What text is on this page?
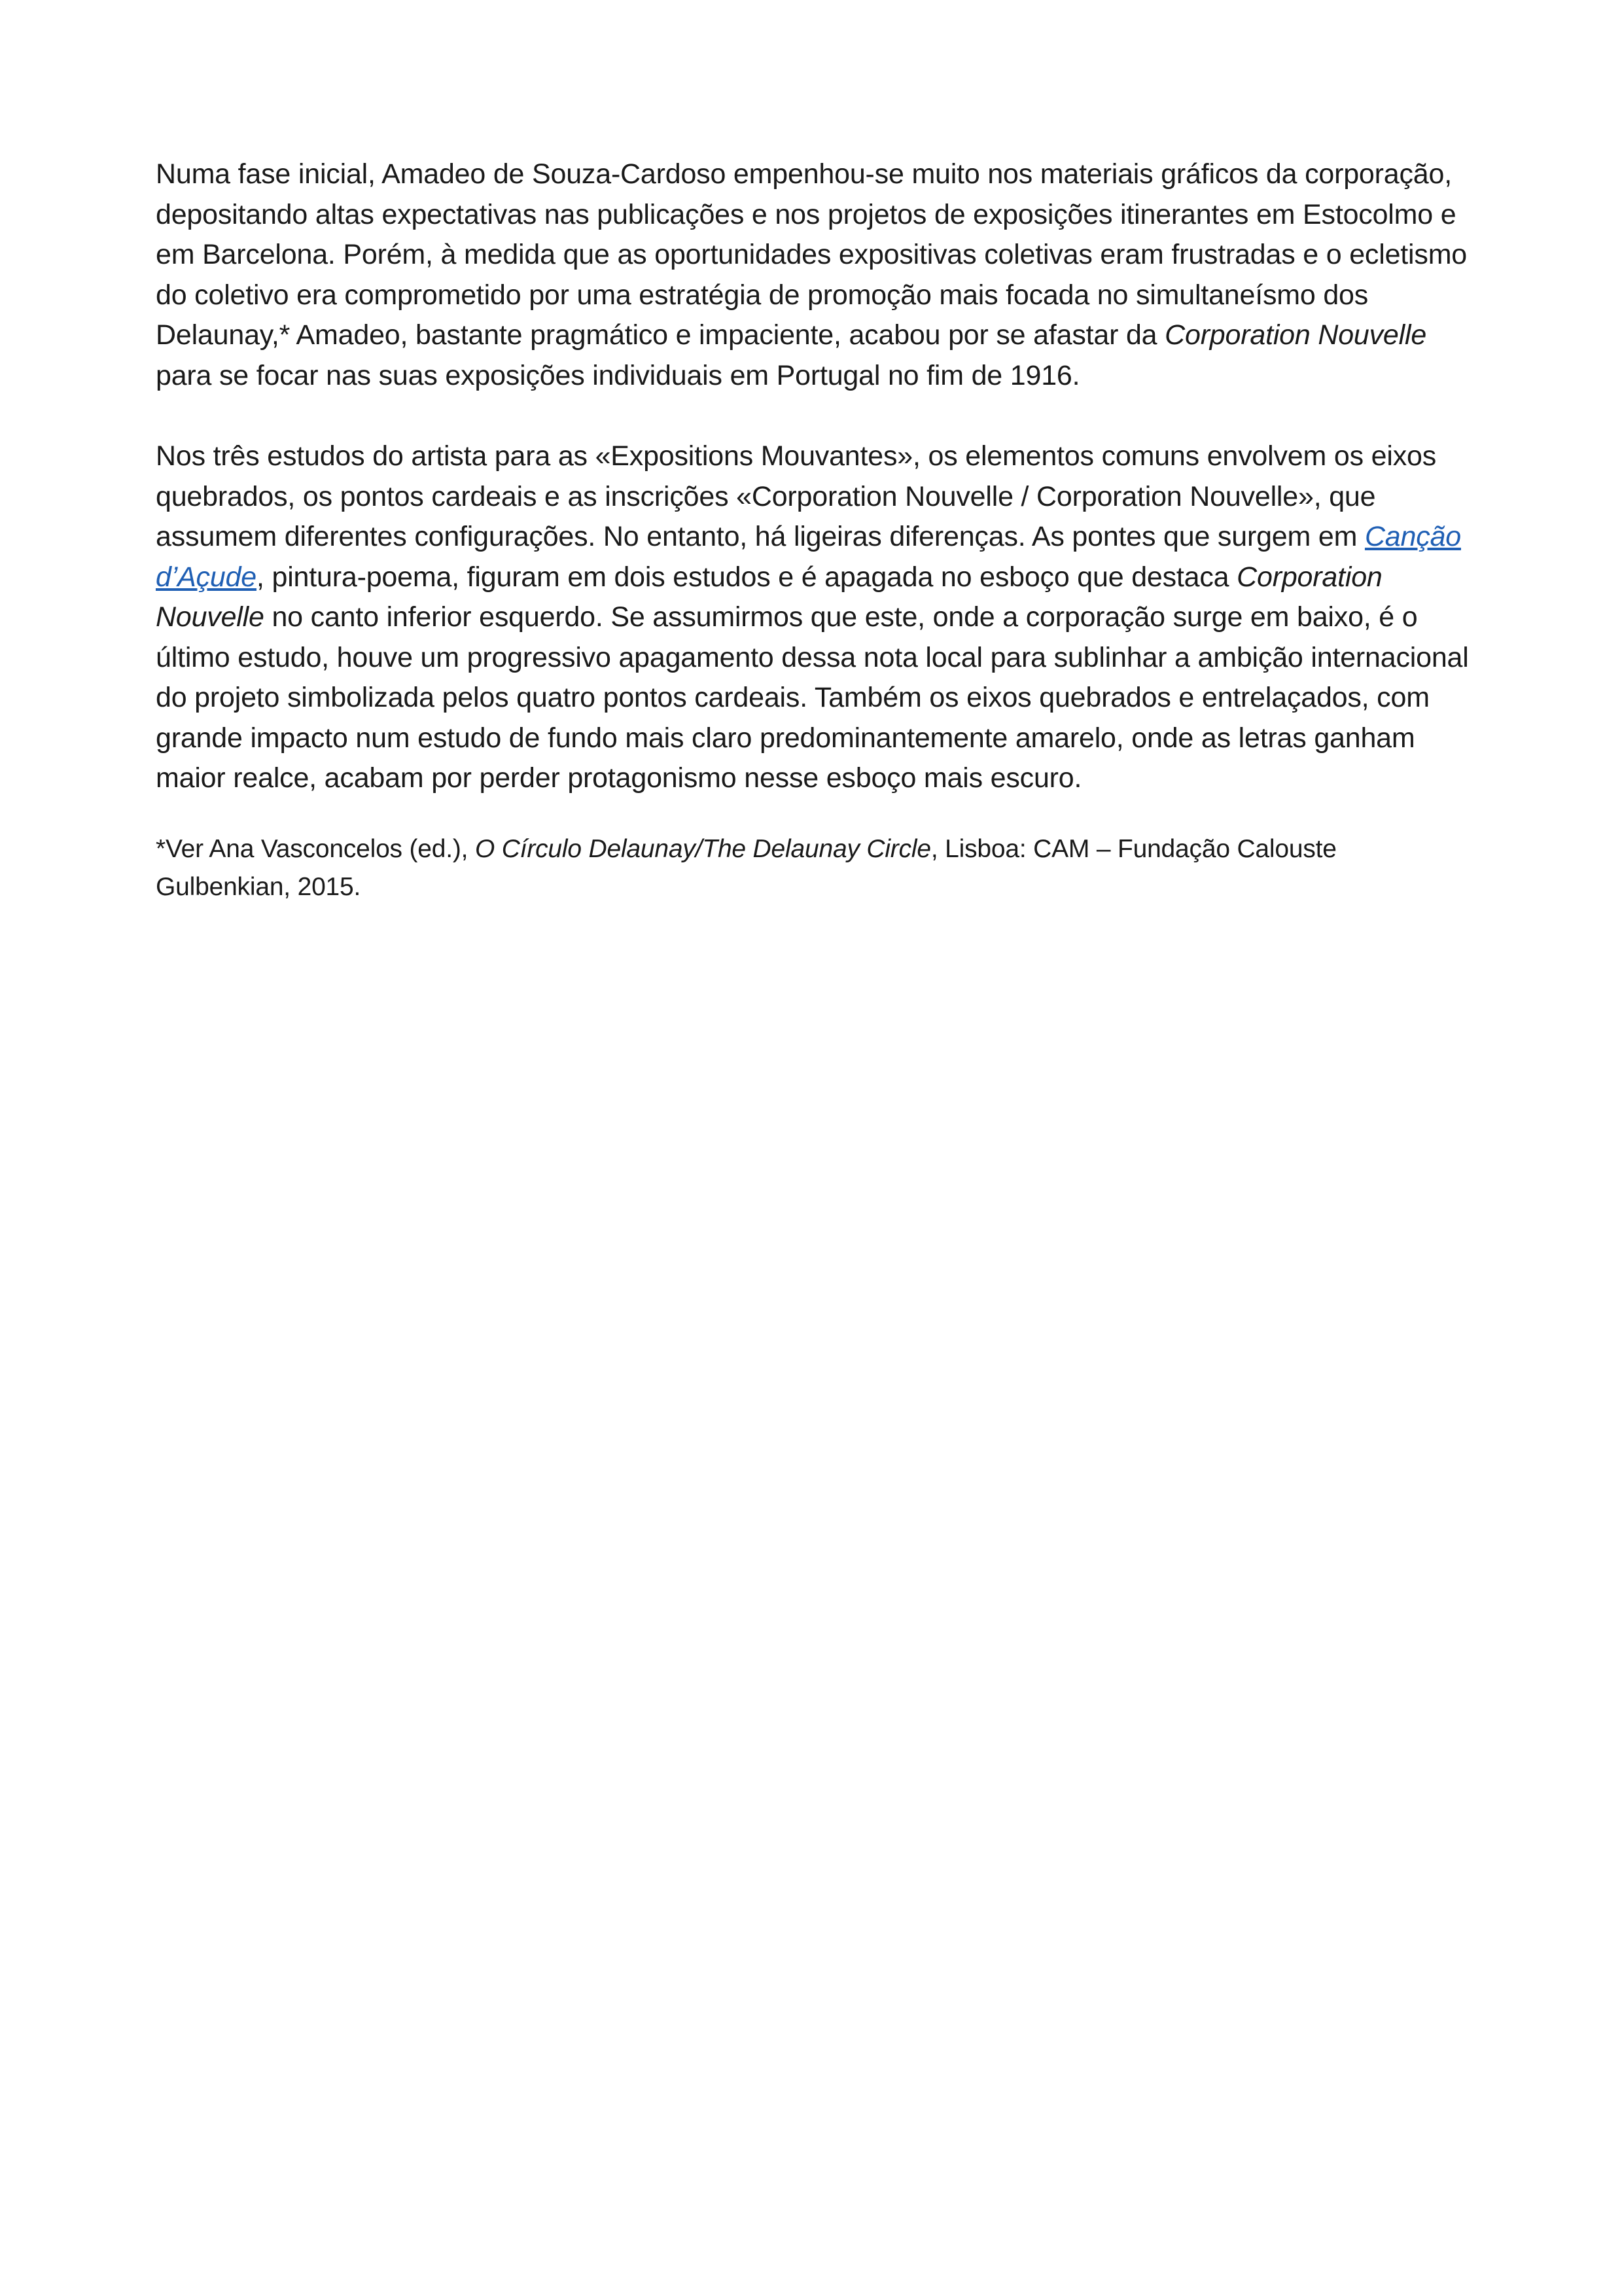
Numa fase inicial, Amadeo de Souza-Cardoso empenhou-se muito nos materiais gráficos da corporação, depositando altas expectativas nas publicações e nos projetos de exposições itinerantes em Estocolmo e em Barcelona. Porém, à medida que as oportunidades expositivas coletivas eram frustradas e o ecletismo do coletivo era comprometido por uma estratégia de promoção mais focada no simultaneísmo dos Delaunay,* Amadeo, bastante pragmático e impaciente, acabou por se afastar da Corporation Nouvelle para se focar nas suas exposições individuais em Portugal no fim de 1916.

Nos três estudos do artista para as «Expositions Mouvantes», os elementos comuns envolvem os eixos quebrados, os pontos cardeais e as inscrições «Corporation Nouvelle / Corporation Nouvelle», que assumem diferentes configurações. No entanto, há ligeiras diferenças. As pontes que surgem em Canção d’Açude, pintura-poema, figuram em dois estudos e é apagada no esboço que destaca Corporation Nouvelle no canto inferior esquerdo. Se assumirmos que este, onde a corporação surge em baixo, é o último estudo, houve um progressivo apagamento dessa nota local para sublinhar a ambição internacional do projeto simbolizada pelos quatro pontos cardeais. Também os eixos quebrados e entrelaçados, com grande impacto num estudo de fundo mais claro predominantemente amarelo, onde as letras ganham maior realce, acabam por perder protagonismo nesse esboço mais escuro.

*Ver Ana Vasconcelos (ed.), O Círculo Delaunay/The Delaunay Circle, Lisboa: CAM – Fundação Calouste Gulbenkian, 2015.
